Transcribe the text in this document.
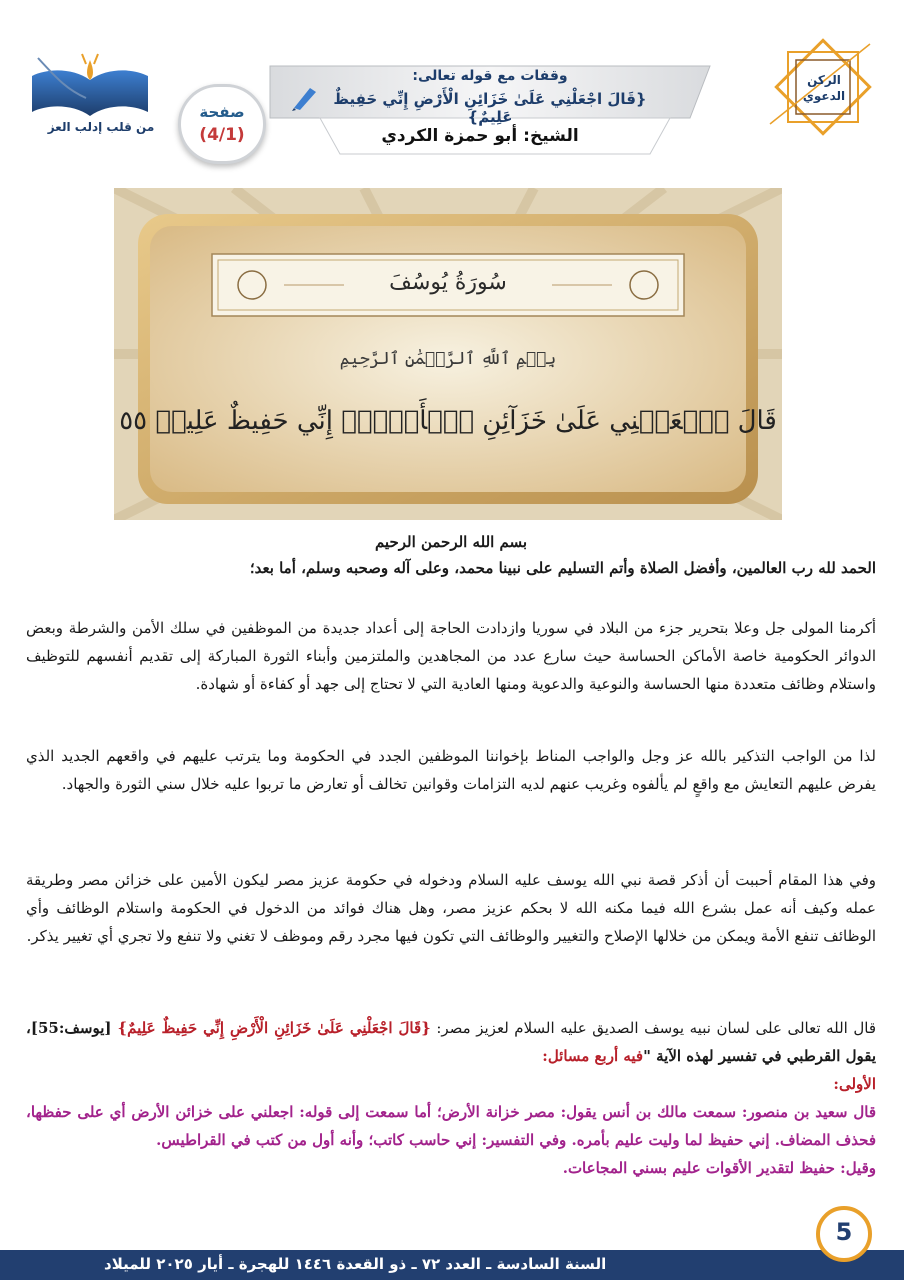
من قلب إدلب العز
صفحة
(4/1)
وقفات مع قوله تعالى:
{قَالَ اجْعَلْنِي عَلَىٰ خَزَائِنِ الْأَرْضِ إِنِّي حَفِيظٌ عَلِيمٌ}
الشيخ: أبو حمزة الكردي
الركن
الدعوي
سُورَةُ يُوسُفَ
بِسۡمِ ٱللَّهِ ٱلرَّحۡمَٰنِ ٱلرَّحِيمِ
قَالَ ٱجۡعَلۡنِي عَلَىٰ خَزَآئِنِ ٱلۡأَرۡضِۖ إِنِّي حَفِيظٌ عَلِيمٞ ٥٥
بسم الله الرحمن الرحيم
الحمد لله رب العالمين، وأفضل الصلاة وأتم التسليم على نبينا محمد، وعلى آله وصحبه وسلم، أما بعد؛
أكرمنا المولى جل وعلا بتحرير جزء من البلاد في سوريا وازدادت الحاجة إلى أعداد جديدة من الموظفين في سلك الأمن والشرطة وبعض الدوائر الحكومية خاصة الأماكن الحساسة حيث سارع عدد من المجاهدين والملتزمين وأبناء الثورة المباركة إلى تقديم أنفسهم للتوظيف واستلام وظائف متعددة منها الحساسة والنوعية والدعوية ومنها العادية التي لا تحتاج إلى جهد أو كفاءة أو شهادة.
لذا من الواجب التذكير بالله عز وجل والواجب المناط بإخواننا الموظفين الجدد في الحكومة وما يترتب عليهم في واقعهم الجديد الذي يفرض عليهم التعايش مع واقعٍ لم يألفوه وغريب عنهم لديه التزامات وقوانين تخالف أو تعارض ما تربوا عليه خلال سني الثورة والجهاد.
وفي هذا المقام أحببت أن أذكر قصة نبي الله يوسف عليه السلام ودخوله في حكومة عزيز مصر ليكون الأمين على خزائن مصر وطريقة عمله وكيف أنه عمل بشرع الله فيما مكنه الله لا بحكم عزيز مصر، وهل هناك فوائد من الدخول في الحكومة واستلام الوظائف وأي الوظائف تنفع الأمة ويمكن من خلالها الإصلاح والتغيير والوظائف التي تكون فيها مجرد رقم وموظف لا تغني ولا تنفع ولا تجري أي تغيير يذكر.
قال الله تعالى على لسان نبيه يوسف الصديق عليه السلام لعزيز مصر: {قَالَ اجْعَلْنِي عَلَىٰ خَزَائِنِ الْأَرْضِ إِنِّي حَفِيظٌ عَلِيمٌ} [يوسف:55]، يقول القرطبي في تفسير لهذه الآية "فيه أربع مسائل:
الأولى:
قال سعيد بن منصور: سمعت مالك بن أنس يقول: مصر خزانة الأرض؛ أما سمعت إلى قوله: اجعلني على خزائن الأرض أي على حفظها، فحذف المضاف. إني حفيظ لما وليت عليم بأمره. وفي التفسير: إني حاسب كاتب؛ وأنه أول من كتب في القراطيس.
وقيل: حفيظ لتقدير الأقوات عليم بسني المجاعات.
السنة السادسة ـ العدد ٧٢ ـ ذو القعدة ١٤٤٦ للهجرة ـ أيار ٢٠٢٥ للميلاد
5
